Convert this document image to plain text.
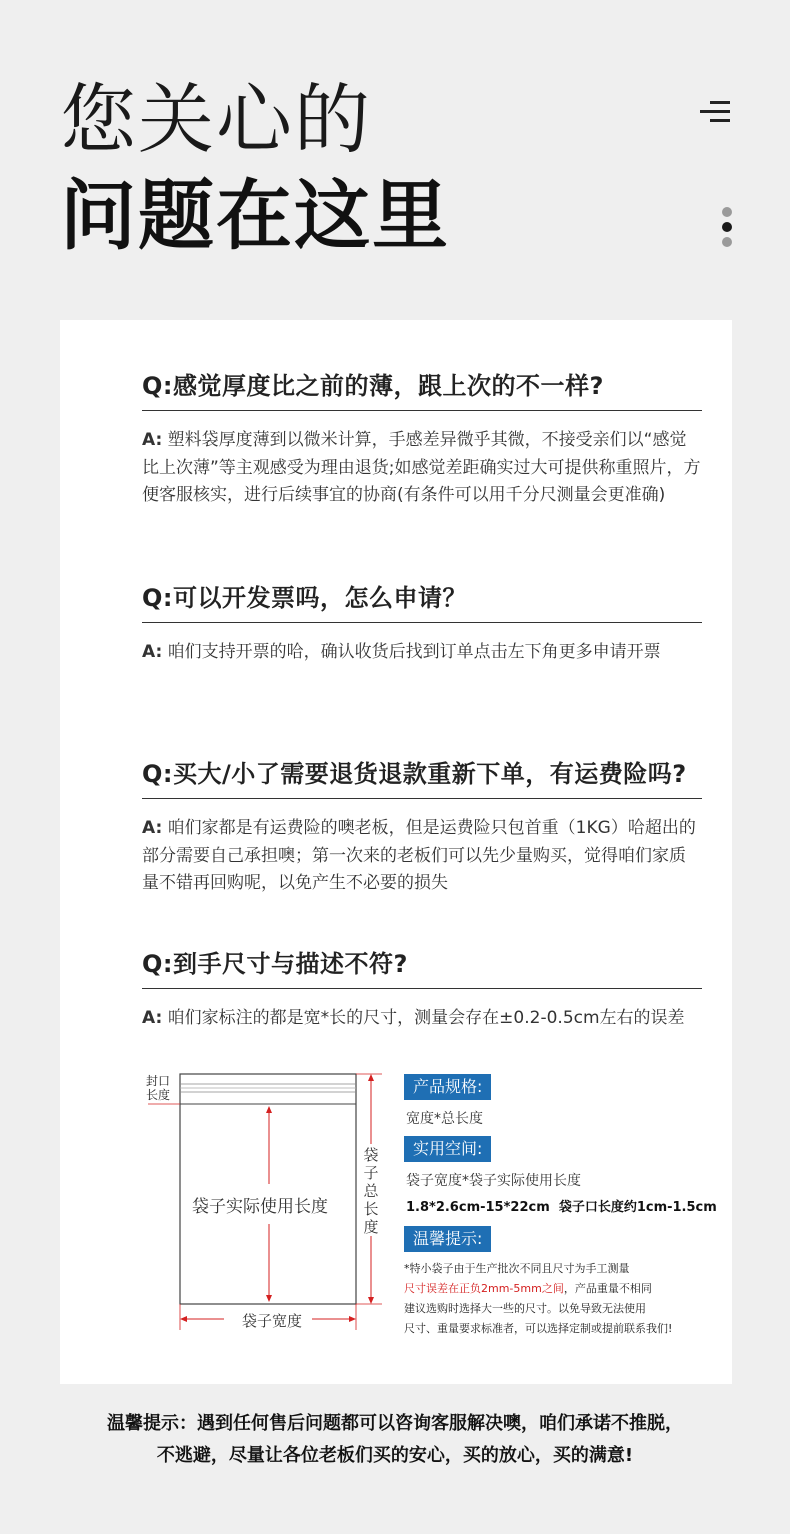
您关心的
问题在这里
Q:感觉厚度比之前的薄，跟上次的不一样?
A: 塑料袋厚度薄到以微米计算，手感差异微乎其微，不接受亲们以“感觉比上次薄”等主观感受为理由退货;如感觉差距确实过大可提供称重照片，方便客服核实，进行后续事宜的协商(有条件可以用千分尺测量会更准确)
Q:可以开发票吗，怎么申请？
A: 咱们支持开票的哈，确认收货后找到订单点击左下角更多申请开票
Q:买大/小了需要退货退款重新下单，有运费险吗?
A: 咱们家都是有运费险的噢老板，但是运费险只包首重（1KG）哈超出的部分需要自己承担噢；第一次来的老板们可以先少量购买，觉得咱们家质量不错再回购呢，以免产生不必要的损失
Q:到手尺寸与描述不符?
A: 咱们家标注的都是宽*长的尺寸，测量会存在±0.2-0.5cm左右的误差
封口
长度
袋子实际使用长度
袋
子
总
长
度
袋子宽度
产品规格:
宽度*总长度
实用空间:
袋子宽度*袋子实际使用长度
1.8*2.6cm-15*22cm 袋子口长度约1cm-1.5cm
温馨提示:
*特小袋子由于生产批次不同且尺寸为手工测量
尺寸误差在正负2mm-5mm之间，产品重量不相同
建议选购时选择大一些的尺寸。以免导致无法使用
尺寸、重量要求标准者，可以选择定制或提前联系我们!
温馨提示：遇到任何售后问题都可以咨询客服解决噢，咱们承诺不推脱，
不逃避，尽量让各位老板们买的安心，买的放心，买的满意!
